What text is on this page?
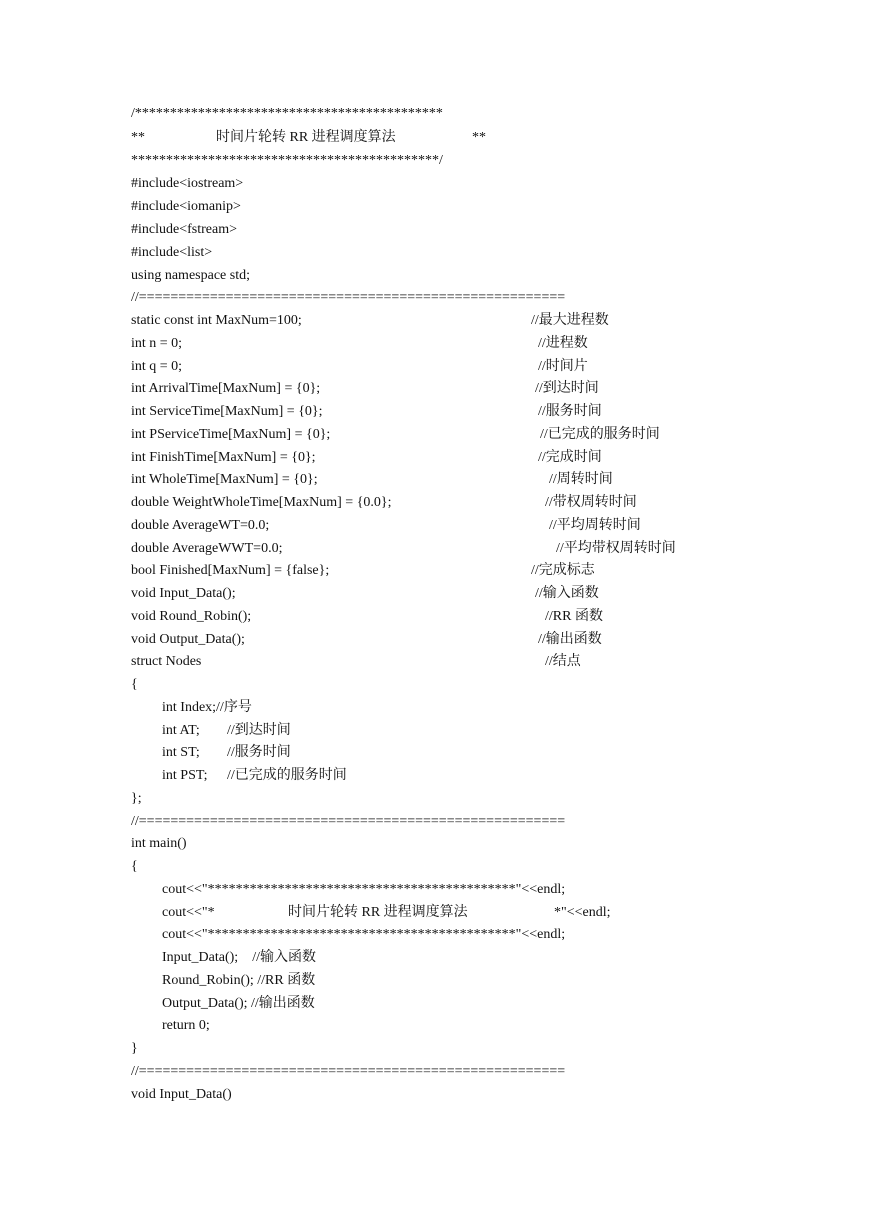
/********************************************
**	时间片轮转 RR 进程调度算法	**
********************************************/
#include<iostream>
#include<iomanip>
#include<fstream>
#include<list>
using namespace std;
//======================================================
static const int MaxNum=100;	//最大进程数
int n = 0;	//进程数
int q = 0;	//时间片
int ArrivalTime[MaxNum] = {0};	//到达时间
int ServiceTime[MaxNum] = {0};	//服务时间
int PServiceTime[MaxNum] = {0};	//已完成的服务时间
int FinishTime[MaxNum] = {0};	//完成时间
int WholeTime[MaxNum] = {0};	//周转时间
double WeightWholeTime[MaxNum] = {0.0};	//带权周转时间
double AverageWT=0.0;	//平均周转时间
double AverageWWT=0.0;	//平均带权周转时间
bool Finished[MaxNum] = {false};	//完成标志
void Input_Data();	//输入函数
void Round_Robin();	//RR 函数
void Output_Data();	//输出函数
struct Nodes	//结点
{
int Index;//序号
int AT; //到达时间
int ST; //服务时间
int PST; //已完成的服务时间
};
//======================================================
int main()
{
cout<<"********************************************"<<endl;
cout<<"*	时间片轮转 RR 进程调度算法	*"<<endl;
cout<<"********************************************"<<endl;
Input_Data();    //输入函数
Round_Robin(); //RR 函数
Output_Data(); //输出函数
return 0;
}
//======================================================
void Input_Data()
